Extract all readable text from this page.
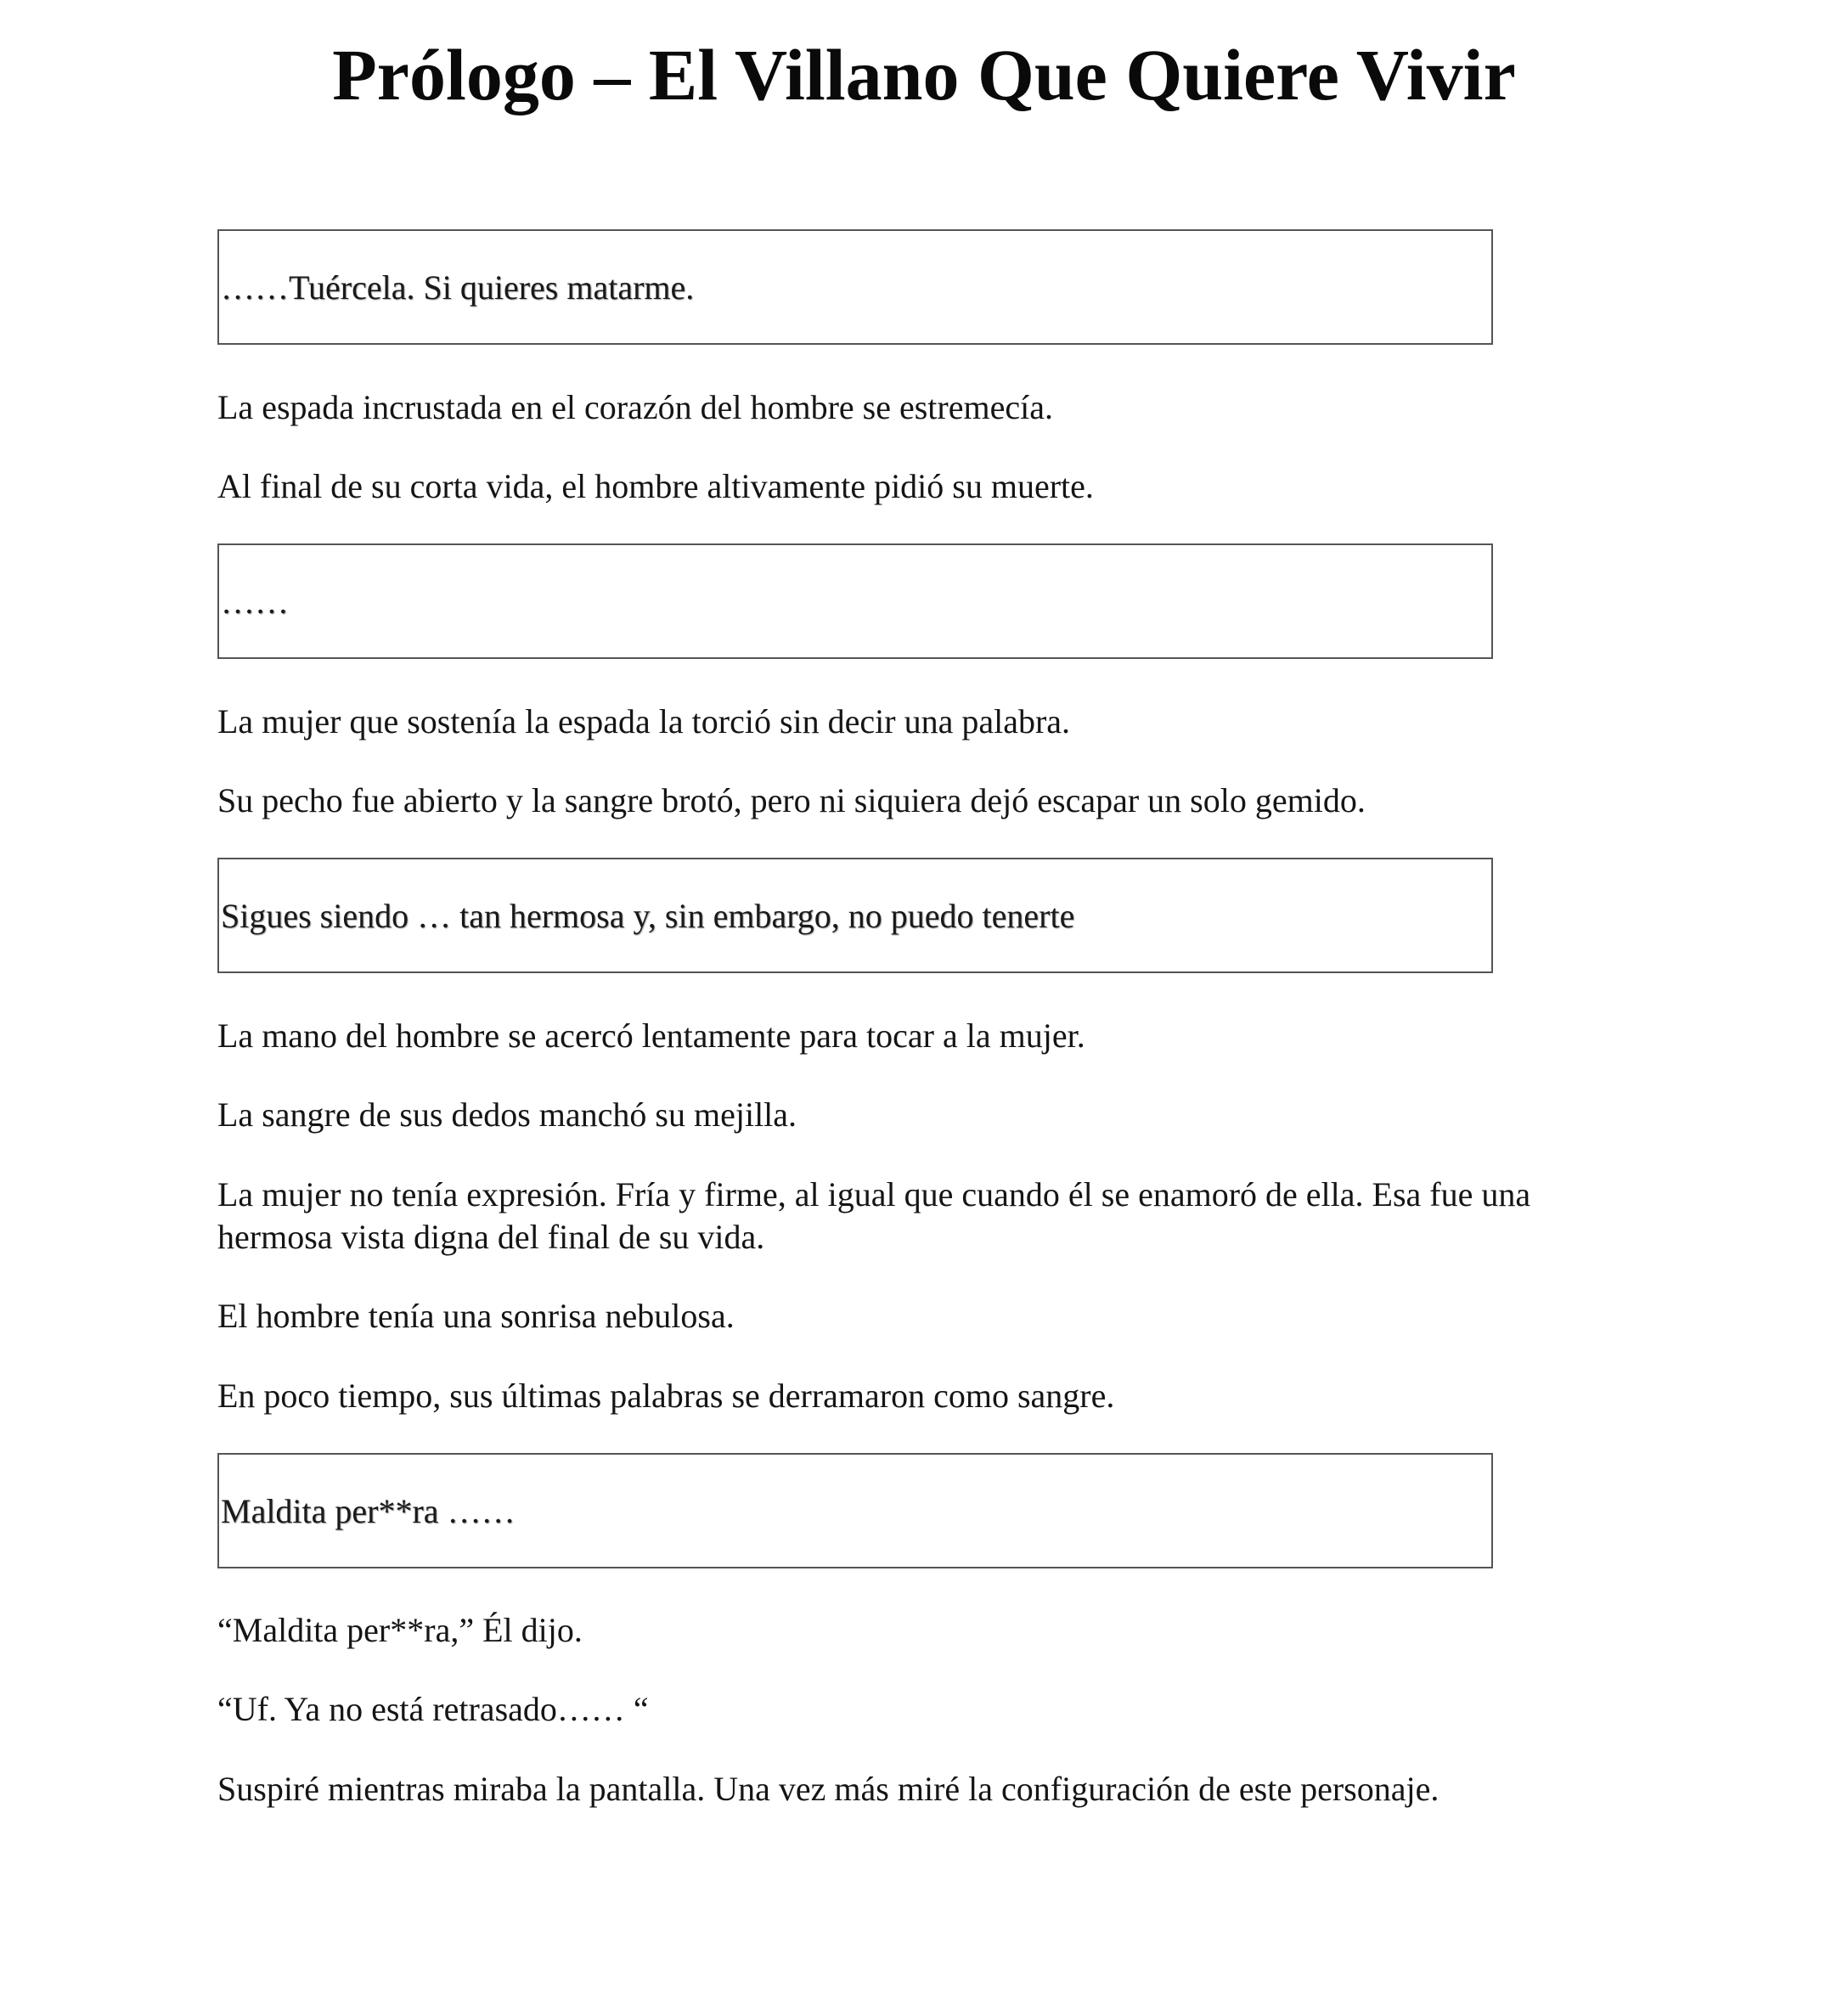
Prólogo – El Villano Que Quiere Vivir
……Tuércela. Si quieres matarme.

La espada incrustada en el corazón del hombre se estremecía.

Al final de su corta vida, el hombre altivamente pidió su muerte.

……

La mujer que sostenía la espada la torció sin decir una palabra.

Su pecho fue abierto y la sangre brotó, pero ni siquiera dejó escapar un solo gemido.

Sigues siendo … tan hermosa y, sin embargo, no puedo tenerte

La mano del hombre se acercó lentamente para tocar a la mujer.

La sangre de sus dedos manchó su mejilla.

La mujer no tenía expresión. Fría y firme, al igual que cuando él se enamoró de ella. Esa fue una hermosa vista digna del final de su vida.

El hombre tenía una sonrisa nebulosa.

En poco tiempo, sus últimas palabras se derramaron como sangre.

Maldita per**ra ……

“Maldita per**ra,” Él dijo.

“Uf. Ya no está retrasado…… “

Suspiré mientras miraba la pantalla. Una vez más miré la configuración de este personaje.
